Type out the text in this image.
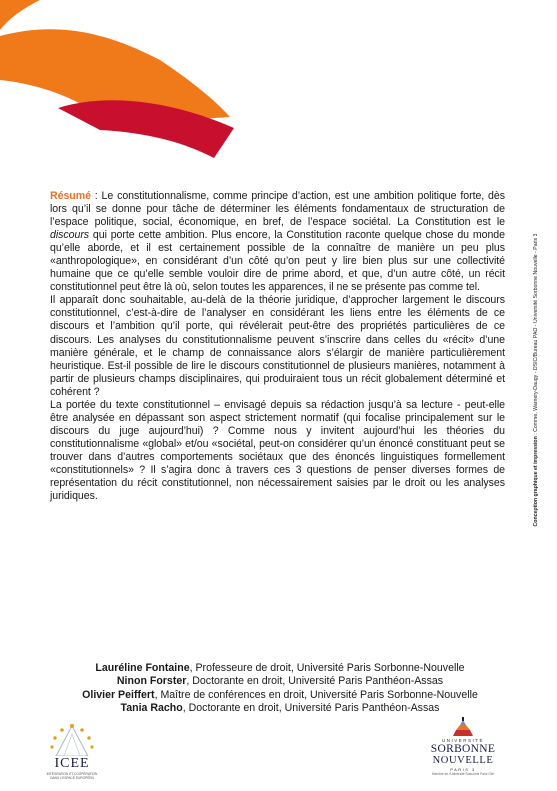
Résumé : Le constitutionnalisme, comme principe d’action, est une ambition politique forte, dès lors qu’il se donne pour tâche de déterminer les éléments fondamentaux de structuration de l’espace politique, social, économique, en bref, de l’espace sociétal. La Constitution est le discours qui porte cette ambition. Plus encore, la Constitution raconte quelque chose du monde qu’elle aborde, et il est certainement possible de la connaître de manière un peu plus «anthropologique», en considérant d’un côté qu’on peut y lire bien plus sur une collectivité humaine que ce qu’elle semble vouloir dire de prime abord, et que, d’un autre côté, un récit constitutionnel peut être là où, selon toutes les apparences, il ne se présente pas comme tel.

Il apparaît donc souhaitable, au-delà de la théorie juridique, d’approcher largement le discours constitutionnel, c’est-à-dire de l’analyser en considérant les liens entre les éléments de ce discours et l’ambition qu’il porte, qui révélerait peut-être des propriétés particulières de ce discours. Les analyses du constitutionnalisme peuvent s’inscrire dans celles du «récit» d’une manière générale, et le champ de connaissance alors s’élargir de manière particulièrement heuristique. Est-il possible de lire le discours constitutionnel de plusieurs manières, notamment à partir de plusieurs champs disciplinaires, qui produiraient tous un récit globalement déterminé et cohérent ?

La portée du texte constitutionnel – envisagé depuis sa rédaction jusqu’à sa lecture - peut-elle être analysée en dépassant son aspect strictement normatif (qui focalise principalement sur le discours du juge aujourd’hui) ? Comme nous y invitent aujourd’hui les théories du constitutionnalisme «global» et/ou «sociétal, peut-on considérer qu’un énoncé constituant peut se trouver dans d’autres comportements sociétaux que des énoncés linguistiques formellement «constitutionnels» ? Il s’agira donc à travers ces 3 questions de penser diverses formes de représentation du récit constitutionnel, non nécessairement saisies par le droit ou les analyses juridiques.

Lauréline Fontaine, Professeure de droit, Université Paris Sorbonne-Nouvelle
Ninon Forster, Doctorante en droit, Université Paris Panthéon-Assas
Olivier Peiffert, Maître de conférences en droit, Université Paris Sorbonne-Nouvelle
Tania Racho, Doctorante en droit, Université Paris Panthéon-Assas
Conception graphique et impression : Comme, Warnery-Daugy - DSIC/Bureau PAO - Université Sorbonne Nouvelle - Paris 3
ICEE
INTÉGRATION ET COOPÉRATION DANS L’ESPACE EUROPÉEN
UNIVERSITÉ
SORBONNE
NOUVELLE
PARIS 3
Membre de l’Université Sorbonne Paris Cité
